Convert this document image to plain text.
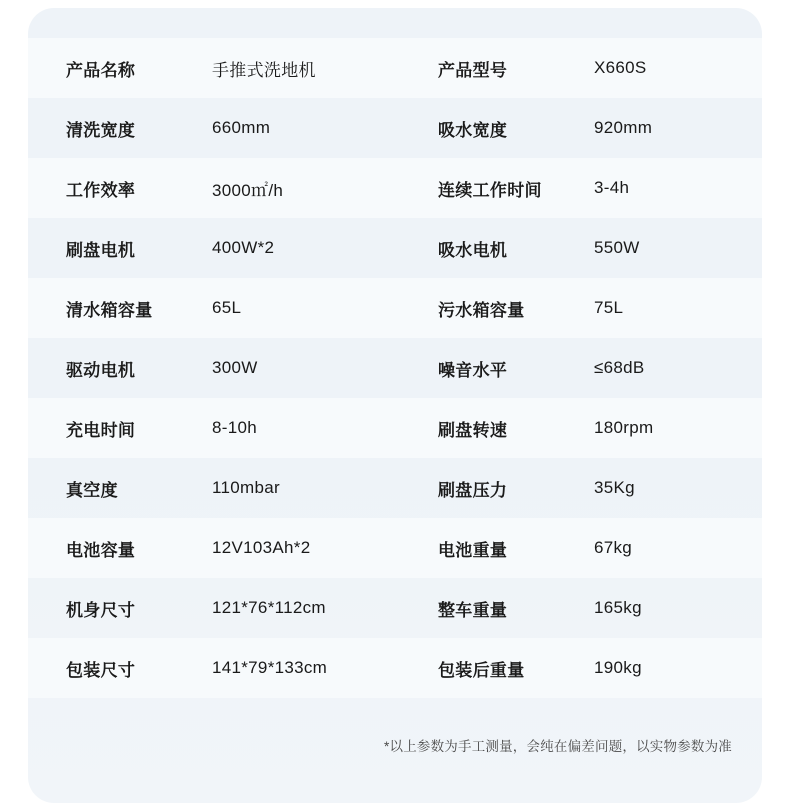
产品名称	手推式洗地机	产品型号	X660S
清洗宽度	660mm	吸水宽度	920mm
工作效率	3000㎡/h	连续工作时间	3-4h
刷盘电机	400W*2	吸水电机	550W
清水箱容量	65L	污水箱容量	75L
驱动电机	300W	噪音水平	≤68dB
充电时间	8-10h	刷盘转速	180rpm
真空度	110mbar	刷盘压力	35Kg
电池容量	12V103Ah*2	电池重量	67kg
机身尺寸	121*76*112cm	整车重量	165kg
包装尺寸	141*79*133cm	包装后重量	190kg
*以上参数为手工测量，会纯在偏差问题，以实物参数为准
